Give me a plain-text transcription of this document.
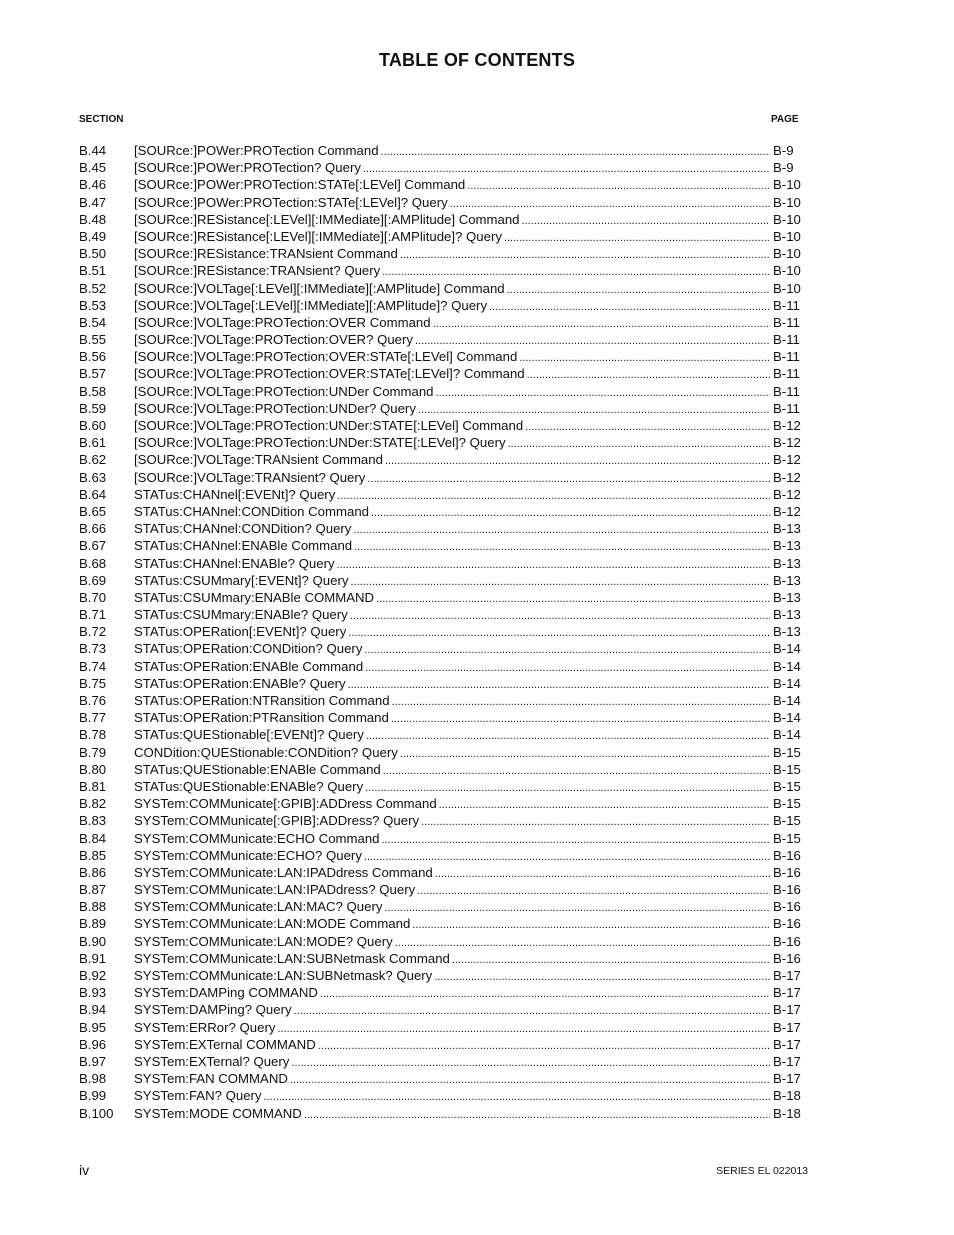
TABLE OF CONTENTS
SECTION	PAGE
B.44	[SOURce:]POWer:PROTection Command .....	B-9
B.45	[SOURce:]POWer:PROTection? Query .....	B-9
B.46	[SOURce:]POWer:PROTection:STATe[:LEVel] Command .....	B-10
B.47	[SOURce:]POWer:PROTection:STATe[:LEVel]? Query .....	B-10
B.48	[SOURce:]RESistance[:LEVel][:IMMediate][:AMPlitude] Command .....	B-10
B.49	[SOURce:]RESistance[:LEVel][:IMMediate][:AMPlitude]? Query .....	B-10
B.50	[SOURce:]RESistance:TRANsient Command .....	B-10
B.51	[SOURce:]RESistance:TRANsient? Query .....	B-10
B.52	[SOURce:]VOLTage[:LEVel][:IMMediate][:AMPlitude] Command .....	B-10
B.53	[SOURce:]VOLTage[:LEVel][:IMMediate][:AMPlitude]? Query .....	B-11
B.54	[SOURce:]VOLTage:PROTection:OVER Command .....	B-11
B.55	[SOURce:]VOLTage:PROTection:OVER? Query .....	B-11
B.56	[SOURce:]VOLTage:PROTection:OVER:STATe[:LEVel] Command .....	B-11
B.57	[SOURce:]VOLTage:PROTection:OVER:STATe[:LEVel]? Command .....	B-11
B.58	[SOURce:]VOLTage:PROTection:UNDer Command .....	B-11
B.59	[SOURce:]VOLTage:PROTection:UNDer? Query .....	B-11
B.60	[SOURce:]VOLTage:PROTection:UNDer:STATE[:LEVel] Command .....	B-12
B.61	[SOURce:]VOLTage:PROTection:UNDer:STATE[:LEVel]? Query .....	B-12
B.62	[SOURce:]VOLTage:TRANsient Command .....	B-12
B.63	[SOURce:]VOLTage:TRANsient? Query .....	B-12
B.64	STATus:CHANnel[:EVENt]? Query .....	B-12
B.65	STATus:CHANnel:CONDition Command .....	B-12
B.66	STATus:CHANnel:CONDition? Query .....	B-13
B.67	STATus:CHANnel:ENABle Command .....	B-13
B.68	STATus:CHANnel:ENABle? Query .....	B-13
B.69	STATus:CSUMmary[:EVENt]? Query .....	B-13
B.70	STATus:CSUMmary:ENABle COMMAND .....	B-13
B.71	STATus:CSUMmary:ENABle? Query .....	B-13
B.72	STATus:OPERation[:EVENt]? Query .....	B-13
B.73	STATus:OPERation:CONDition? Query .....	B-14
B.74	STATus:OPERation:ENABle Command .....	B-14
B.75	STATus:OPERation:ENABle? Query .....	B-14
B.76	STATus:OPERation:NTRansition Command .....	B-14
B.77	STATus:OPERation:PTRansition Command .....	B-14
B.78	STATus:QUEStionable[:EVENt]? Query .....	B-14
B.79	CONDition:QUEStionable:CONDition? Query .....	B-15
B.80	STATus:QUEStionable:ENABle Command .....	B-15
B.81	STATus:QUEStionable:ENABle? Query .....	B-15
B.82	SYSTem:COMMunicate[:GPIB]:ADDress Command .....	B-15
B.83	SYSTem:COMMunicate[:GPIB]:ADDress? Query .....	B-15
B.84	SYSTem:COMMunicate:ECHO Command .....	B-15
B.85	SYSTem:COMMunicate:ECHO? Query .....	B-16
B.86	SYSTem:COMMunicate:LAN:IPADdress Command .....	B-16
B.87	SYSTem:COMMunicate:LAN:IPADdress? Query .....	B-16
B.88	SYSTem:COMMunicate:LAN:MAC? Query .....	B-16
B.89	SYSTem:COMMunicate:LAN:MODE Command .....	B-16
B.90	SYSTem:COMMunicate:LAN:MODE? Query .....	B-16
B.91	SYSTem:COMMunicate:LAN:SUBNetmask Command .....	B-16
B.92	SYSTem:COMMunicate:LAN:SUBNetmask? Query .....	B-17
B.93	SYSTem:DAMPing COMMAND .....	B-17
B.94	SYSTem:DAMPing? Query .....	B-17
B.95	SYSTem:ERRor? Query .....	B-17
B.96	SYSTem:EXTernal COMMAND .....	B-17
B.97	SYSTem:EXTernal? Query .....	B-17
B.98	SYSTem:FAN COMMAND .....	B-17
B.99	SYSTem:FAN? Query .....	B-18
B.100	SYSTem:MODE COMMAND .....	B-18
iv	SERIES EL 022013
